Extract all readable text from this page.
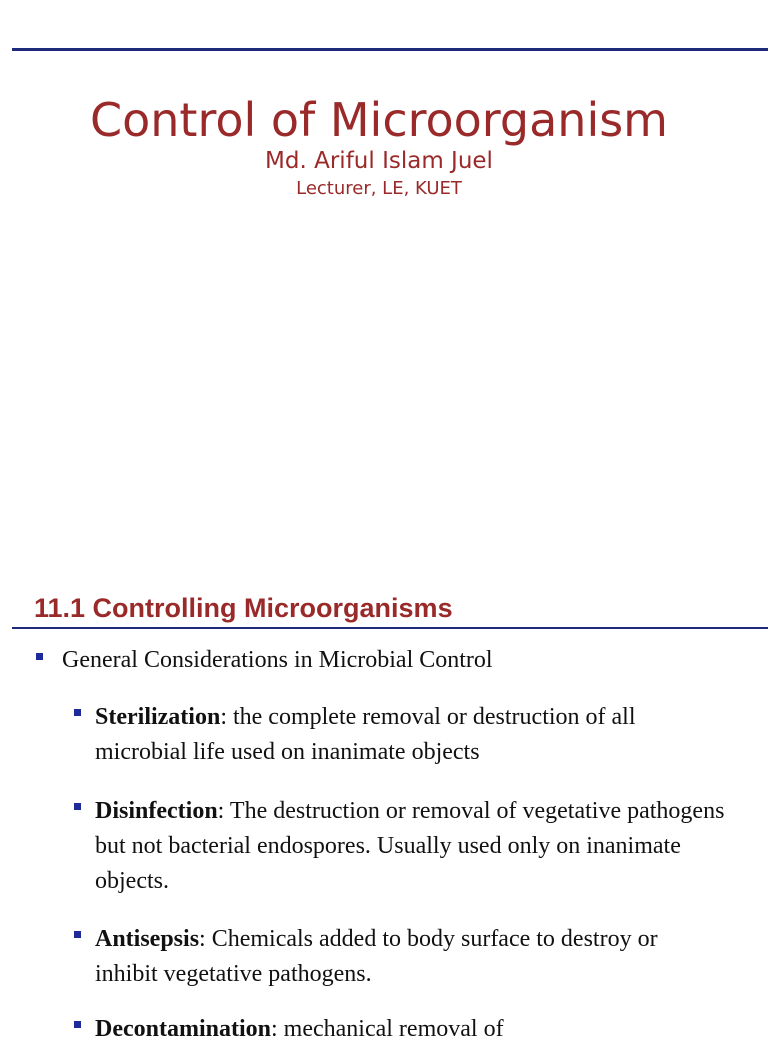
Control of Microorganism
Md. Ariful Islam Juel
Lecturer, LE, KUET
11.1 Controlling Microorganisms
General Considerations in Microbial Control
Sterilization: the complete removal or destruction of all microbial life used on inanimate objects
Disinfection: The destruction or removal of vegetative pathogens but not bacterial endospores. Usually used only on inanimate objects.
Antisepsis: Chemicals added to body surface to destroy or inhibit vegetative pathogens.
Decontamination: mechanical removal of
